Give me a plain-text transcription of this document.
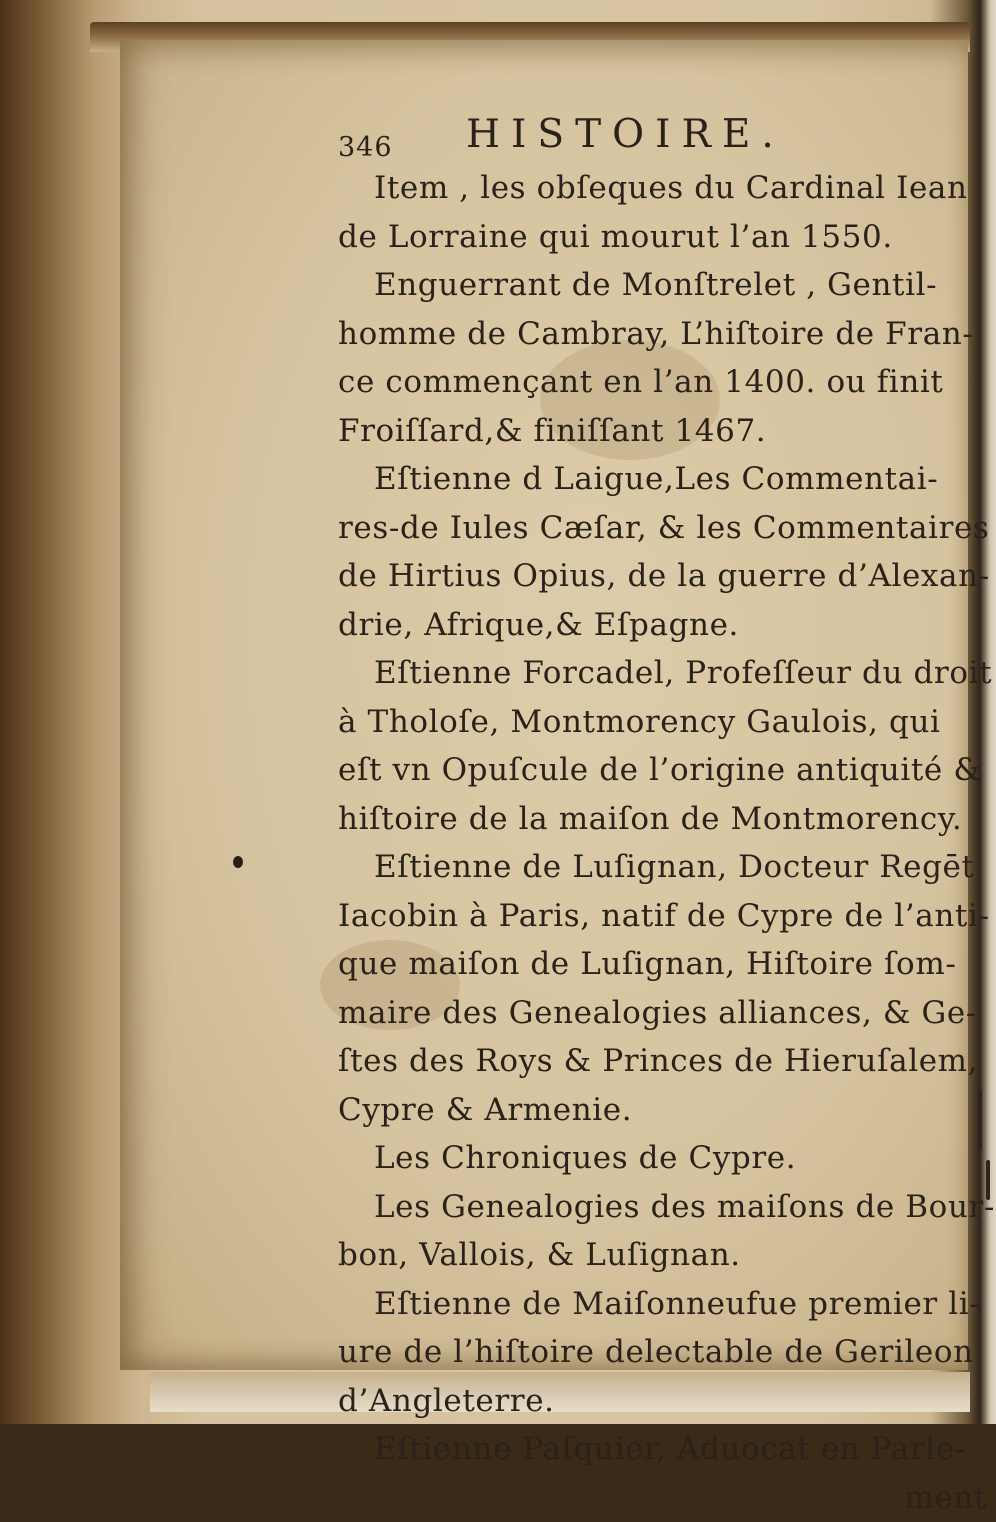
346 HISTOIRE.
Item , les obſeques du Cardinal Iean
de Lorraine qui mourut l’an 1550.
Enguerrant de Monſtrelet , Gentil-
homme de Cambray, L’hiſtoire de Fran-
ce commençant en l’an 1400. ou finit
Froiſſard,& finiſſant 1467.
Eſtienne d Laigue,Les Commentai-
res-de Iules Cæſar, & les Commentaires
de Hirtius Opius, de la guerre d’Alexan-
drie, Afrique,& Eſpagne.
Eſtienne Forcadel, Profeſſeur du droit
à Tholoſe, Montmorency Gaulois, qui
eſt vn Opuſcule de l’origine antiquité &
hiſtoire de la maiſon de Montmorency.
Eſtienne de Luſignan, Docteur Regēt
Iacobin à Paris, natif de Cypre de l’anti-
que maiſon de Luſignan, Hiſtoire ſom-
maire des Genealogies alliances, & Ge-
ſtes des Roys & Princes de Hieruſalem,
Cypre & Armenie.
Les Chroniques de Cypre.
Les Genealogies des maiſons de Bour-
bon, Vallois, & Luſignan.
Eſtienne de Maiſonneufue premier li-
ure de l’hiſtoire delectable de Gerileon
d’Angleterre.
Eſtienne Paſquier, Aduocat en Parle-
ment
